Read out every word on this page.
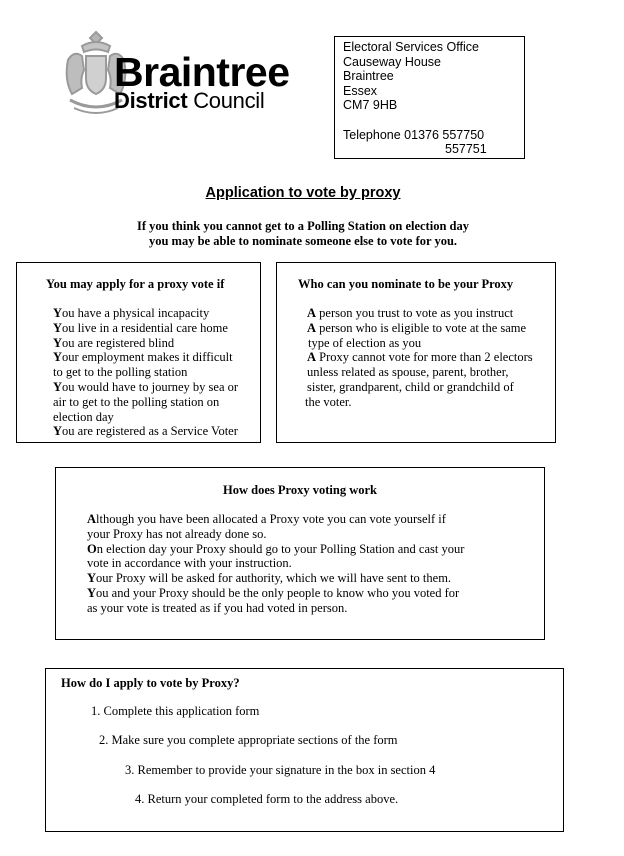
Braintree
District Council
Electoral Services Office
Causeway House
Braintree
Essex
CM7 9HB
Telephone 01376 557750
557751
Application to vote by proxy
If you think you cannot get to a Polling Station on election day
you may be able to nominate someone else to vote for you.
You may apply for a proxy vote if
You have a physical incapacity
You live in a residential care home
You are registered blind
Your employment makes it difficult
to get to the polling station
You would have to journey by sea or
air to get to the polling station on
election day
You are registered as a Service Voter
Who can you nominate to be your Proxy
A person you trust to vote as you instruct
A person who is eligible to vote at the same
type of election as you
A Proxy cannot vote for more than 2 electors
unless related as spouse, parent, brother,
sister, grandparent, child or grandchild of
the voter.
How does Proxy voting work
Although you have been allocated a Proxy vote you can vote yourself if
your Proxy has not already done so.
On election day your Proxy should go to your Polling Station and cast your
vote in accordance with your instruction.
Your Proxy will be asked for authority, which we will have sent to them.
You and your Proxy should be the only people to know who you voted for
as your vote is treated as if you had voted in person.
How do I apply to vote by Proxy?
1. Complete this application form
2. Make sure you complete appropriate sections of the form
3. Remember to provide your signature in the box in section 4
4. Return your completed form to the address above.
